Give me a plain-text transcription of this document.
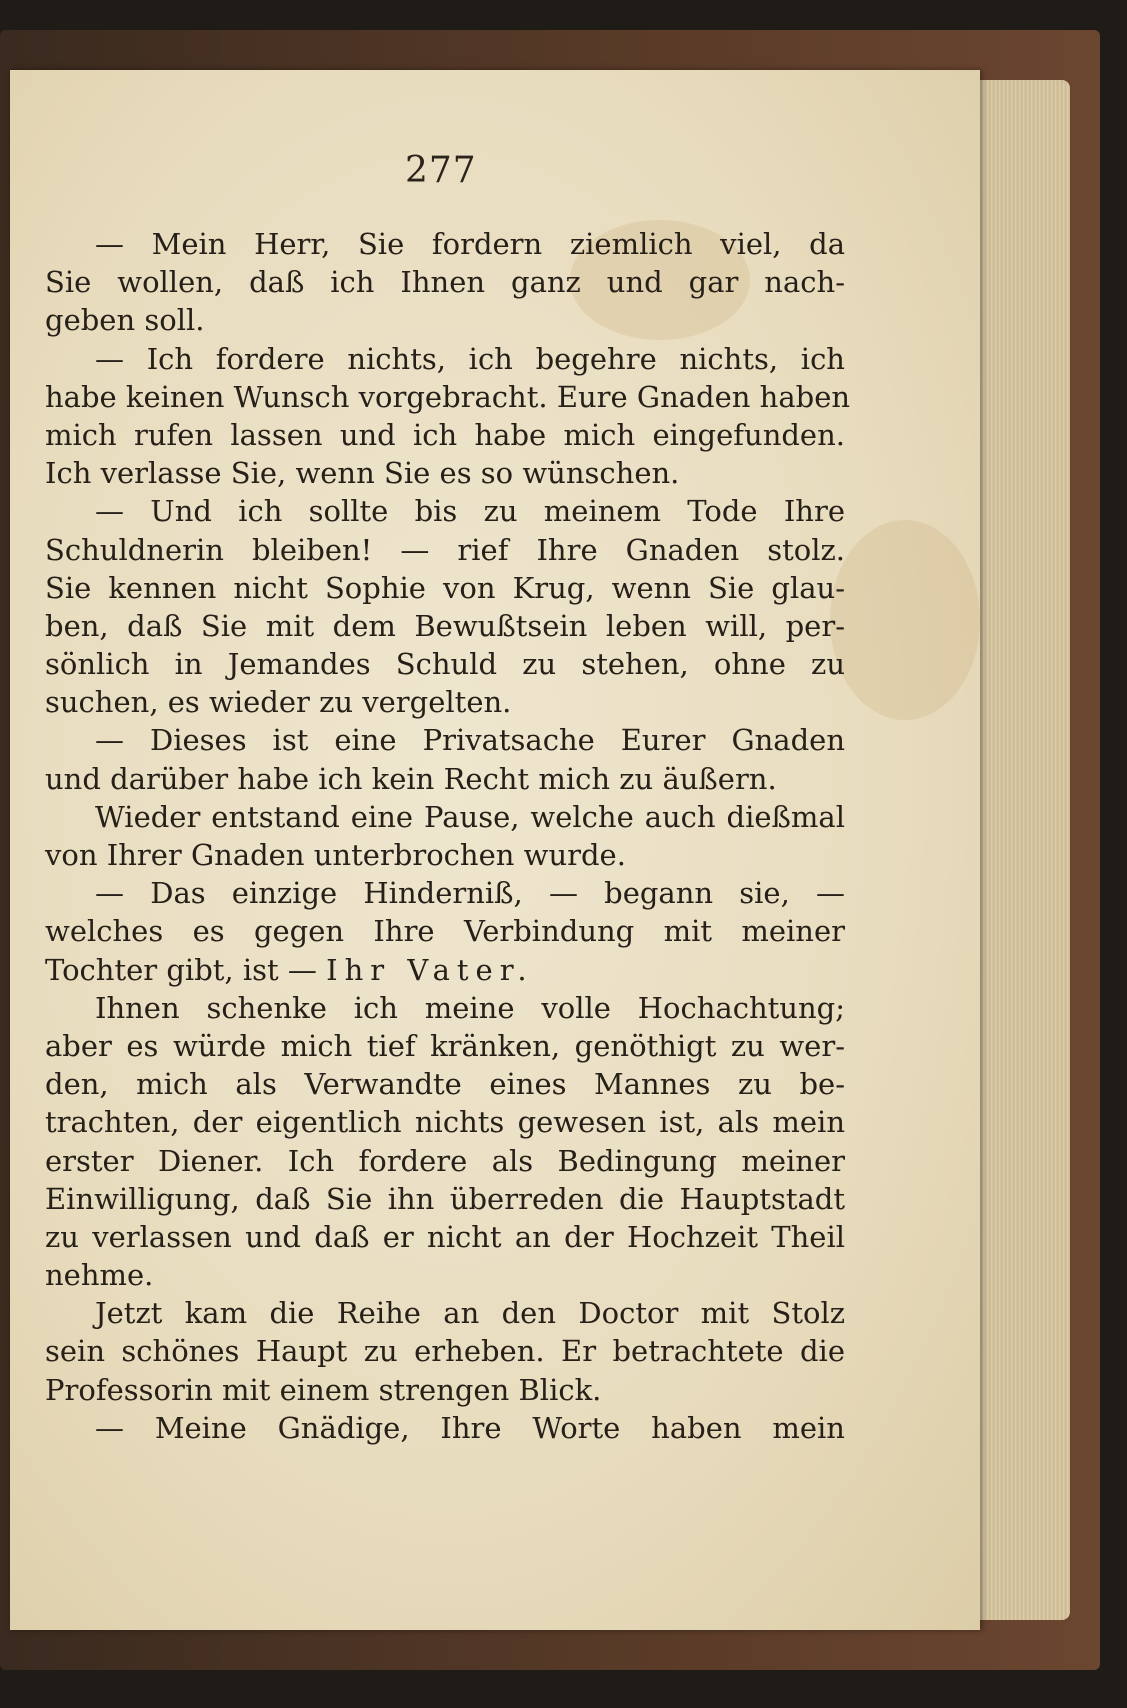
277
— Mein Herr, Sie fordern ziemlich viel, da
Sie wollen, daß ich Ihnen ganz und gar nach-
geben soll.
— Ich fordere nichts, ich begehre nichts, ich
habe keinen Wunsch vorgebracht. Eure Gnaden haben
mich rufen lassen und ich habe mich eingefunden.
Ich verlasse Sie, wenn Sie es so wünschen.
— Und ich sollte bis zu meinem Tode Ihre
Schuldnerin bleiben! — rief Ihre Gnaden stolz.
Sie kennen nicht Sophie von Krug, wenn Sie glau-
ben, daß Sie mit dem Bewußtsein leben will, per-
sönlich in Jemandes Schuld zu stehen, ohne zu
suchen, es wieder zu vergelten.
— Dieses ist eine Privatsache Eurer Gnaden
und darüber habe ich kein Recht mich zu äußern.
Wieder entstand eine Pause, welche auch dießmal
von Ihrer Gnaden unterbrochen wurde.
— Das einzige Hinderniß, — begann sie, —
welches es gegen Ihre Verbindung mit meiner
Tochter gibt, ist — Ihr Vater.
Ihnen schenke ich meine volle Hochachtung;
aber es würde mich tief kränken, genöthigt zu wer-
den, mich als Verwandte eines Mannes zu be-
trachten, der eigentlich nichts gewesen ist, als mein
erster Diener. Ich fordere als Bedingung meiner
Einwilligung, daß Sie ihn überreden die Hauptstadt
zu verlassen und daß er nicht an der Hochzeit Theil
nehme.
Jetzt kam die Reihe an den Doctor mit Stolz
sein schönes Haupt zu erheben. Er betrachtete die
Professorin mit einem strengen Blick.
— Meine Gnädige, Ihre Worte haben mein
